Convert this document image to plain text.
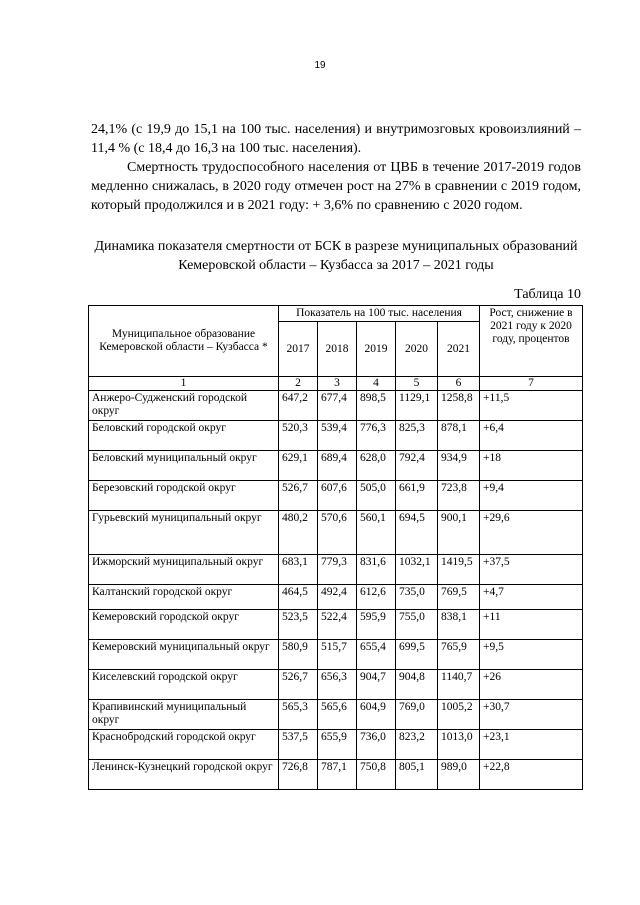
19

24,1% (с 19,9 до 15,1 на 100 тыс. населения) и внутримозговых кровоизлияний – 11,4 % (с 18,4 до 16,3 на 100 тыс. населения).

Смертность трудоспособного населения от ЦВБ в течение 2017-2019 годов медленно снижалась, в 2020 году отмечен рост на 27% в сравнении с 2019 годом, который продолжился и в 2021 году: + 3,6% по сравнению с 2020 годом.

Динамика показателя смертности от БСК в разрезе муниципальных образований Кемеровской области – Кузбасса за 2017 – 2021 годы
Таблица 10
Муниципальное образование Кемеровской области – Кузбасса *	Показатель на 100 тыс. населения					Рост, снижение в 2021 году к 2020 году, процентов
	2017	2018	2019	2020	2021	
1	2	3	4	5	6	7
Анжеро-Судженский городской округ	647,2	677,4	898,5	1129,1	1258,8	+11,5
Беловский городской округ	520,3	539,4	776,3	825,3	878,1	+6,4
Беловский муниципальный округ	629,1	689,4	628,0	792,4	934,9	+18
Березовский городской округ	526,7	607,6	505,0	661,9	723,8	+9,4
Гурьевский муниципальный округ	480,2	570,6	560,1	694,5	900,1	+29,6
Ижморский муниципальный округ	683,1	779,3	831,6	1032,1	1419,5	+37,5
Калтанский городской округ	464,5	492,4	612,6	735,0	769,5	+4,7
Кемеровский городской округ	523,5	522,4	595,9	755,0	838,1	+11
Кемеровский муниципальный округ	580,9	515,7	655,4	699,5	765,9	+9,5
Киселевский городской округ	526,7	656,3	904,7	904,8	1140,7	+26
Крапивинский муниципальный округ	565,3	565,6	604,9	769,0	1005,2	+30,7
Краснобродский городской округ	537,5	655,9	736,0	823,2	1013,0	+23,1
Ленинск-Кузнецкий городской округ	726,8	787,1	750,8	805,1	989,0	+22,8
